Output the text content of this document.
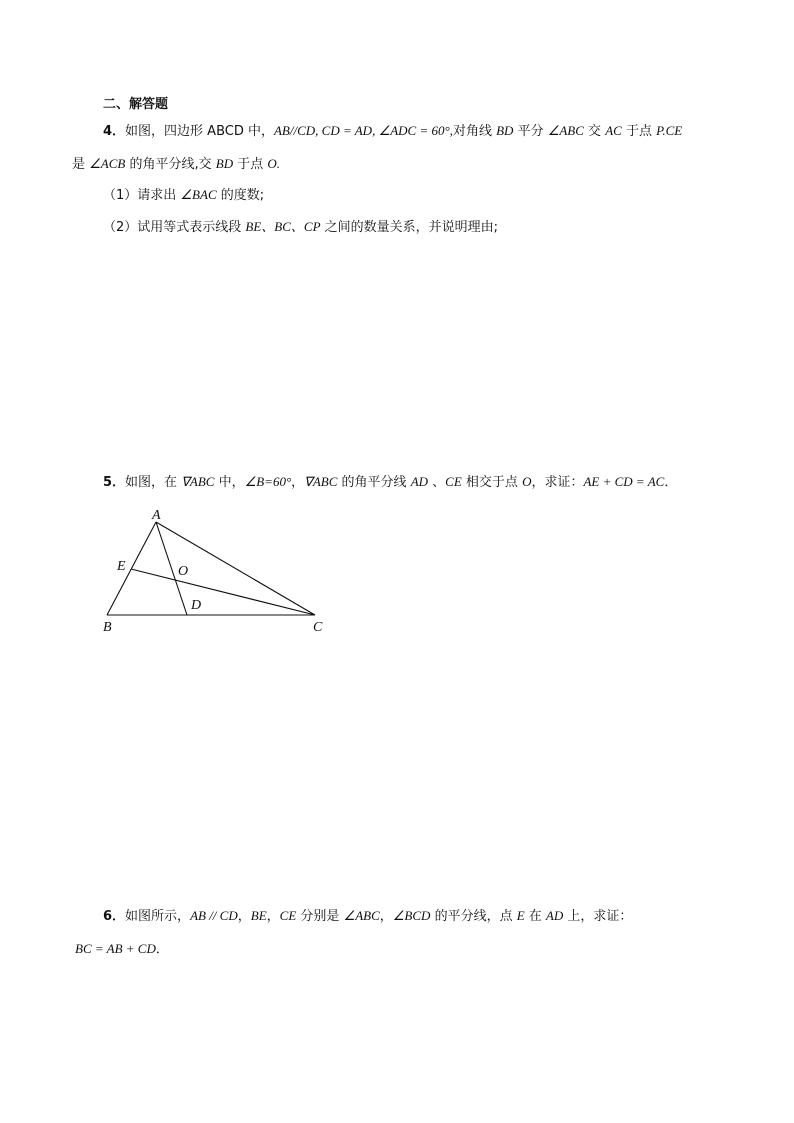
二、解答题
4．如图，四边形 ABCD 中，AB//CD, CD = AD, ∠ADC = 60°,对角线 BD 平分 ∠ABC 交 AC 于点 P.CE
是 ∠ACB 的角平分线,交 BD 于点 O.
（1）请求出 ∠BAC 的度数;
（2）试用等式表示线段 BE、BC、CP 之间的数量关系，并说明理由;
5．如图，在 ∇ABC 中，∠B=60°，∇ABC 的角平分线 AD 、CE 相交于点 O，求证：AE + CD = AC．
A
B	C
D
E	O
6．如图所示，AB // CD，BE，CE 分别是 ∠ABC，∠BCD 的平分线，点 E 在 AD 上，求证：
BC = AB + CD．
